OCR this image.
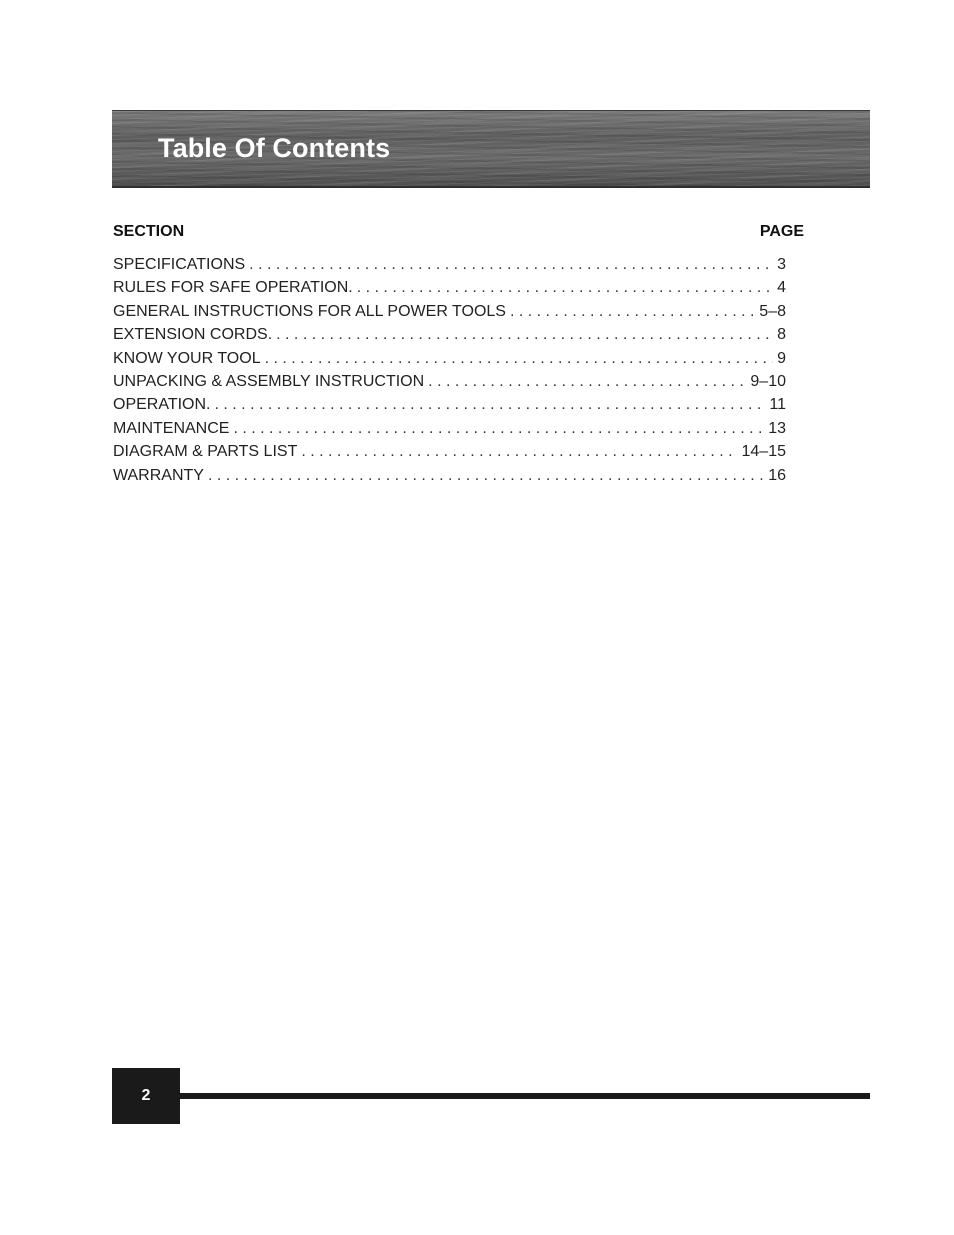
Table Of Contents
SECTION	PAGE
SPECIFICATIONS . . .	3
RULES FOR SAFE OPERATION. . . .	4
GENERAL INSTRUCTIONS FOR ALL POWER TOOLS . . .	5–8
EXTENSION CORDS. . . .	8
KNOW YOUR TOOL . . .	9
UNPACKING & ASSEMBLY INSTRUCTION . . .	9–10
OPERATION. . . .	11
MAINTENANCE . . .	13
DIAGRAM & PARTS LIST . . .	14–15
WARRANTY . . .	16
2
